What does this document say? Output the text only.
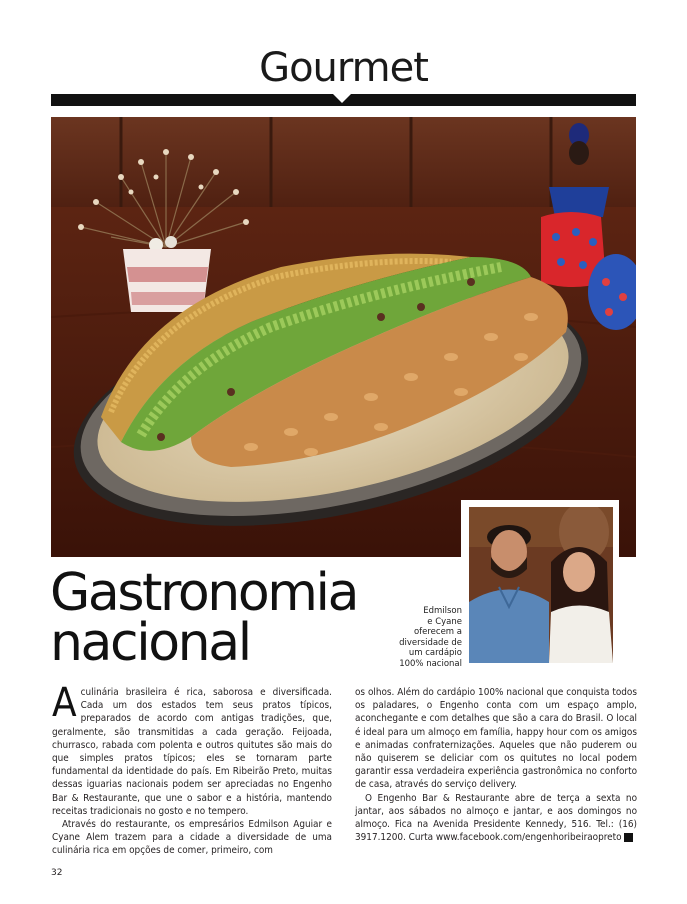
Gourmet
Edmilson
e Cyane
oferecem a
diversidade de
um cardápio
100% nacional
Gastronomia
nacional

A culinária brasileira é rica, saborosa e diversificada. Cada um dos estados tem seus pratos típicos, preparados de acordo com antigas tradições, que, geralmente, são transmitidas a cada geração. Feijoada, churrasco, rabada com polenta e outros quitutes são mais do que simples pratos típicos; eles se tornaram parte fundamental da identidade do país. Em Ribeirão Preto, muitas dessas iguarias nacionais podem ser apreciadas no Engenho Bar & Restaurante, que une o sabor e a história, mantendo receitas tradicionais no gosto e no tempero.

Através do restaurante, os empresários Edmilson Aguiar e Cyane Alem trazem para a cidade a diversidade de uma culinária rica em opções de comer, primeiro, com

os olhos. Além do cardápio 100% nacional que conquista todos os paladares, o Engenho conta com um espaço amplo, aconchegante e com detalhes que são a cara do Brasil. O local é ideal para um almoço em família, happy hour com os amigos e animadas confraternizações. Aqueles que não puderem ou não quiserem se deliciar com os quitutes no local podem garantir essa verdadeira experiência gastronômica no conforto de casa, através do serviço delivery.

O Engenho Bar & Restaurante abre de terça a sexta no jantar, aos sábados no almoço e jantar, e aos domingos no almoço. Fica na Avenida Presidente Kennedy, 516. Tel.: (16) 3917.1200. Curta www.facebook.com/engenhoribeiraopreto f

32
